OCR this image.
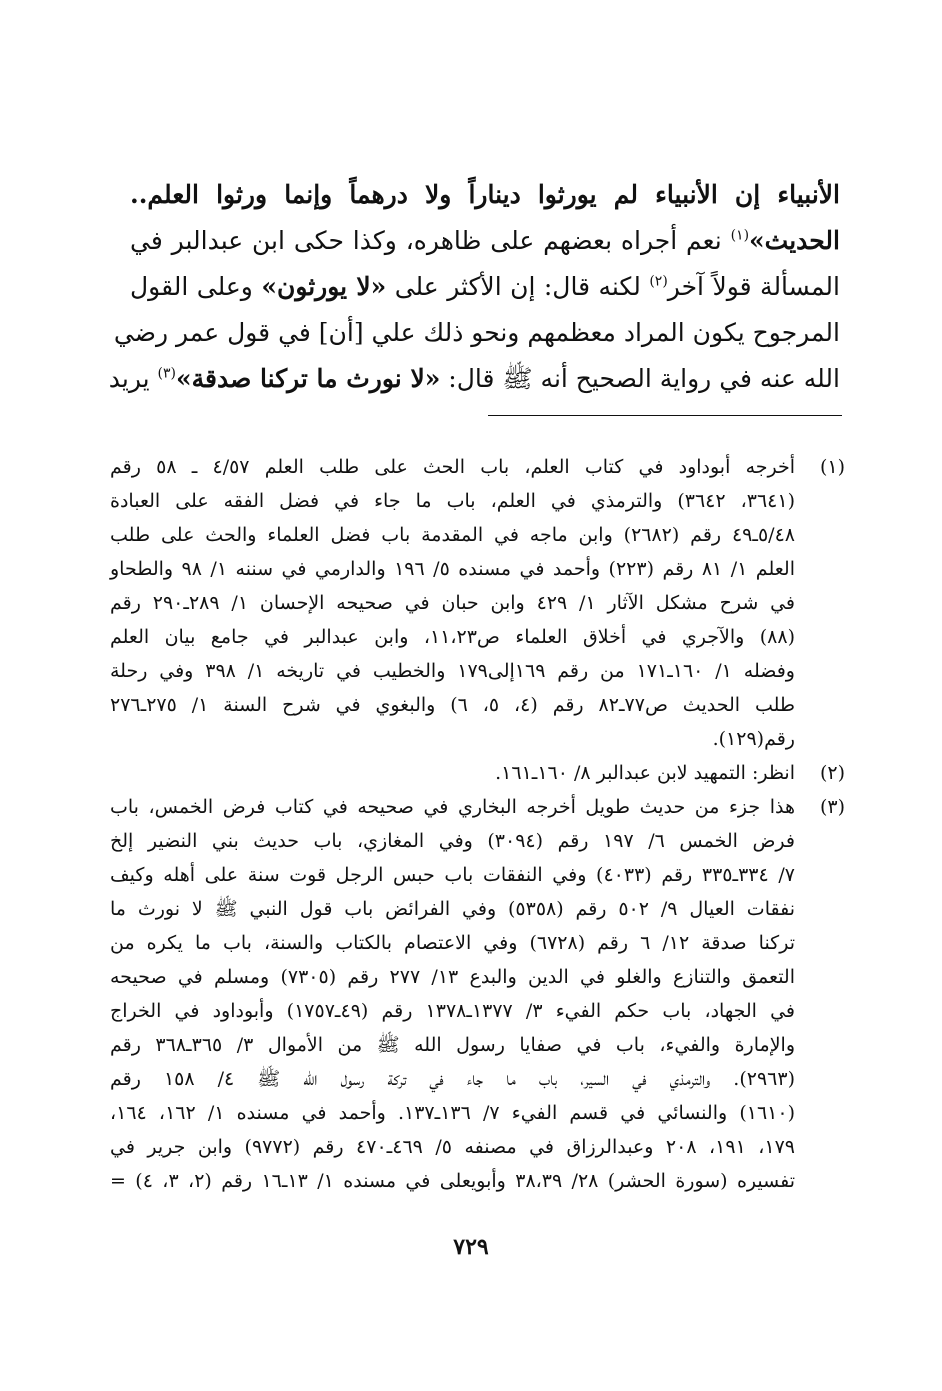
الأنبياء إن الأنبياء لم يورثوا ديناراً ولا درهماً وإنما ورثوا العلم..
الحديث»$^{(١)}$ نعم أجراه بعضهم على ظاهره، وكذا حكى ابن عبدالبر في
المسألة قولاً آخر$^{(٢)}$ لكنه قال: إن الأكثر على «لا يورثون» وعلى القول
المرجوح يكون المراد معظمهم ونحو ذلك علي [أن] في قول عمر رضي
الله عنه في رواية الصحيح أنه ﷺ قال: «لا نورث ما تركنا صدقة»$^{(٣)}$ يريد
(١)
أخرجه أبوداود في كتاب العلم، باب الحث على طلب العلم ٤/٥٧ ـ ٥٨ رقم
(٣٦٤١، ٣٦٤٢) والترمذي في العلم، باب ما جاء في فضل الفقه على العبادة
٥/٤٨ـ٤٩ رقم (٢٦٨٢) وابن ماجه في المقدمة باب فضل العلماء والحث على طلب
العلم ١/ ٨١ رقم (٢٢٣) وأحمد في مسنده ٥/ ١٩٦ والدارمي في سننه ١/ ٩٨ والطحاو
في شرح مشكل الآثار ١/ ٤٢٩ وابن حبان في صحيحه الإحسان ١/ ٢٨٩ـ٢٩٠ رقم
(٨٨) والآجري في أخلاق العلماء ص١١،٢٣، وابن عبدالبر في جامع بيان العلم
وفضله ١/ ١٦٠ـ١٧١ من رقم ١٦٩إلى١٧٩ والخطيب في تاريخه ١/ ٣٩٨ وفي رحلة
طلب الحديث ص٧٧ـ٨٢ رقم (٤، ٥، ٦) والبغوي في شرح السنة ١/ ٢٧٥ـ٢٧٦
رقم(١٢٩).
(٢)
انظر: التمهيد لابن عبدالبر ٨/ ١٦٠ـ١٦١.
(٣)
هذا جزء من حديث طويل أخرجه البخاري في صحيحه في كتاب فرض الخمس، باب
فرض الخمس ٦/ ١٩٧ رقم (٣٠٩٤) وفي المغازي، باب حديث بني النضير إلخ
٧/ ٣٣٤ـ٣٣٥ رقم (٤٠٣٣) وفي النفقات باب حبس الرجل قوت سنة على أهله وكيف
نفقات العيال ٩/ ٥٠٢ رقم (٥٣٥٨) وفي الفرائض باب قول النبي ﷺ لا نورث ما
تركنا صدقة ١٢/ ٦ رقم (٦٧٢٨) وفي الاعتصام بالكتاب والسنة، باب ما يكره من
التعمق والتنازع والغلو في الدين والبدع ١٣/ ٢٧٧ رقم (٧٣٠٥) ومسلم في صحيحه
في الجهاد، باب حكم الفيء ٣/ ١٣٧٧ـ١٣٧٨ رقم (٤٩ـ١٧٥٧) وأبوداود في الخراج
والإمارة والفيء، باب في صفايا رسول الله ﷺ من الأموال ٣/ ٣٦٥ـ٣٦٨ رقم
(٢٩٦٣). والترمذي في السير، باب ما جاء في تركة رسول الله ﷺ ٤/ ١٥٨ رقم
(١٦١٠) والنسائي في قسم الفيء ٧/ ١٣٦ـ١٣٧. وأحمد في مسنده ١/ ١٦٢، ١٦٤،
١٧٩، ١٩١، ٢٠٨ وعبدالرزاق في مصنفه ٥/ ٤٦٩ـ٤٧٠ رقم (٩٧٧٢) وابن جرير في
تفسيره (سورة الحشر) ٢٨/ ٣٨،٣٩ وأبويعلى في مسنده ١/ ١٣ـ١٦ رقم (٢، ٣، ٤) =
٧٢٩
